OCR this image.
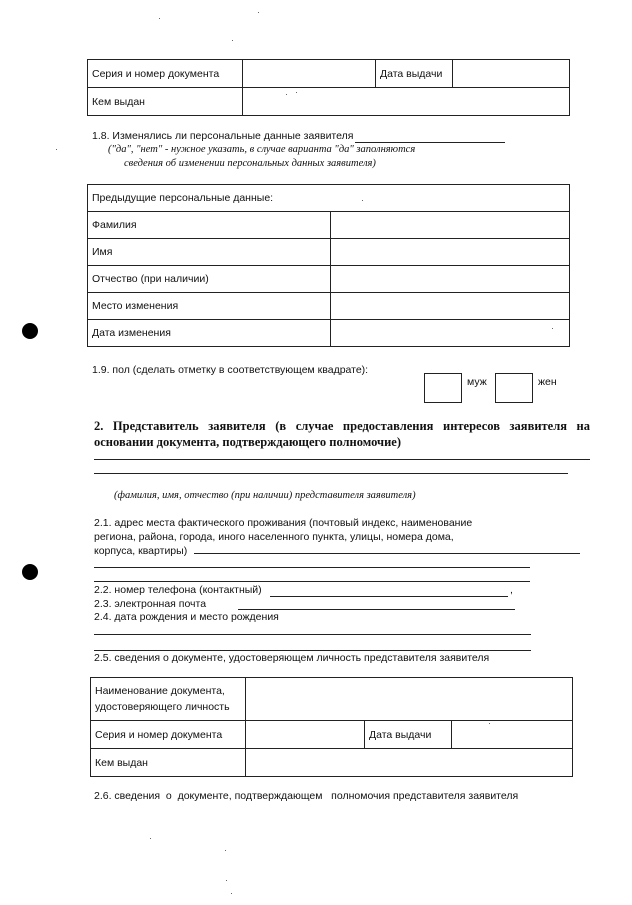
Серия и номер документа		Дата выдачи	
Кем выдан			
1.8. Изменялись ли персональные данные заявителя
("да", "нет" - нужное указать, в случае варианта "да" заполняются
сведения об изменении персональных данных заявителя)
Предыдущие персональные данные:	
Фамилия	
Имя	
Отчество (при наличии)	
Место изменения	
Дата изменения	
1.9. пол (сделать отметку в соответствующем квадрате):
муж	жен
2. Представитель заявителя (в случае предоставления интересов заявителя на
основании документа, подтверждающего полномочие)
(фамилия, имя, отчество (при наличии) представителя заявителя)
2.1. адрес места фактического проживания (почтовый индекс, наименование
региона, района, города, иного населенного пункта, улицы, номера дома,
корпуса, квартиры)
2.2. номер телефона (контактный)	,
2.3. электронная почта
2.4. дата рождения и место рождения
2.5. сведения о документе, удостоверяющем личность представителя заявителя
Наименование документа,
удостоверяющего личность			

Серия и номер документа		Дата выдачи	
Кем выдан			
2.6. сведения  о  документе, подтверждающем   полномочия представителя заявителя
